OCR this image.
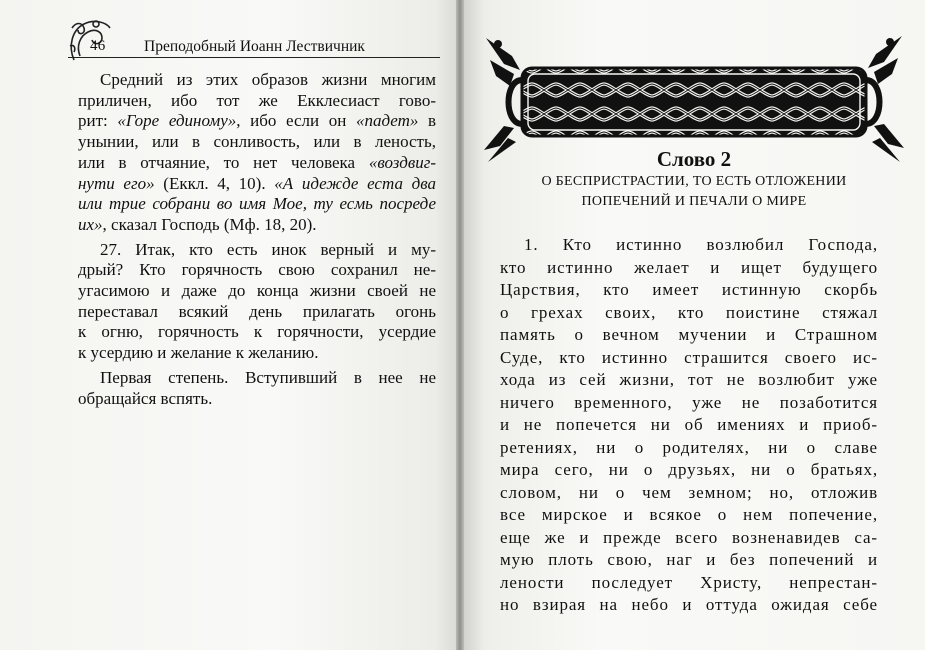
46 Преподобный Иоанн Лествичник

Средний из этих образов жизни многим
приличен, ибо тот же Екклесиаст гово-
рит: «Горе единому», ибо если он «падет» в
унынии, или в сонливость, или в леность,
или в отчаяние, то нет человека «воздвиг-
нути его» (Еккл. 4, 10). «А идежде еста два
или трие собрани во имя Мое, ту есмь посреде
их», сказал Господь (Мф. 18, 20).

27. Итак, кто есть инок верный и му-
дрый? Кто горячность свою сохранил не-
угасимою и даже до конца жизни своей не
переставал всякий день прилагать огонь
к огню, горячность к горячности, усердие
к усердию и желание к желанию.

Первая степень. Вступивший в нее не
обращайся вспять.

Слово 2
О БЕСПРИСТРАСТИИ, ТО ЕСТЬ ОТЛОЖЕНИИ
ПОПЕЧЕНИЙ И ПЕЧАЛИ О МИРЕ
1. Кто истинно возлюбил Господа,
кто истинно желает и ищет будущего
Царствия, кто имеет истинную скорбь
о грехах своих, кто поистине стяжал
память о вечном мучении и Страшном
Суде, кто истинно страшится своего ис-
хода из сей жизни, тот не возлюбит уже
ничего временного, уже не позаботится
и не попечется ни об имениях и приоб-
ретениях, ни о родителях, ни о славе
мира сего, ни о друзьях, ни о братьях,
словом, ни о чем земном; но, отложив
все мирское и всякое о нем попечение,
еще же и прежде всего возненавидев са-
мую плоть свою, наг и без попечений и
лености последует Христу, непрестан-
но взирая на небо и оттуда ожидая себе
